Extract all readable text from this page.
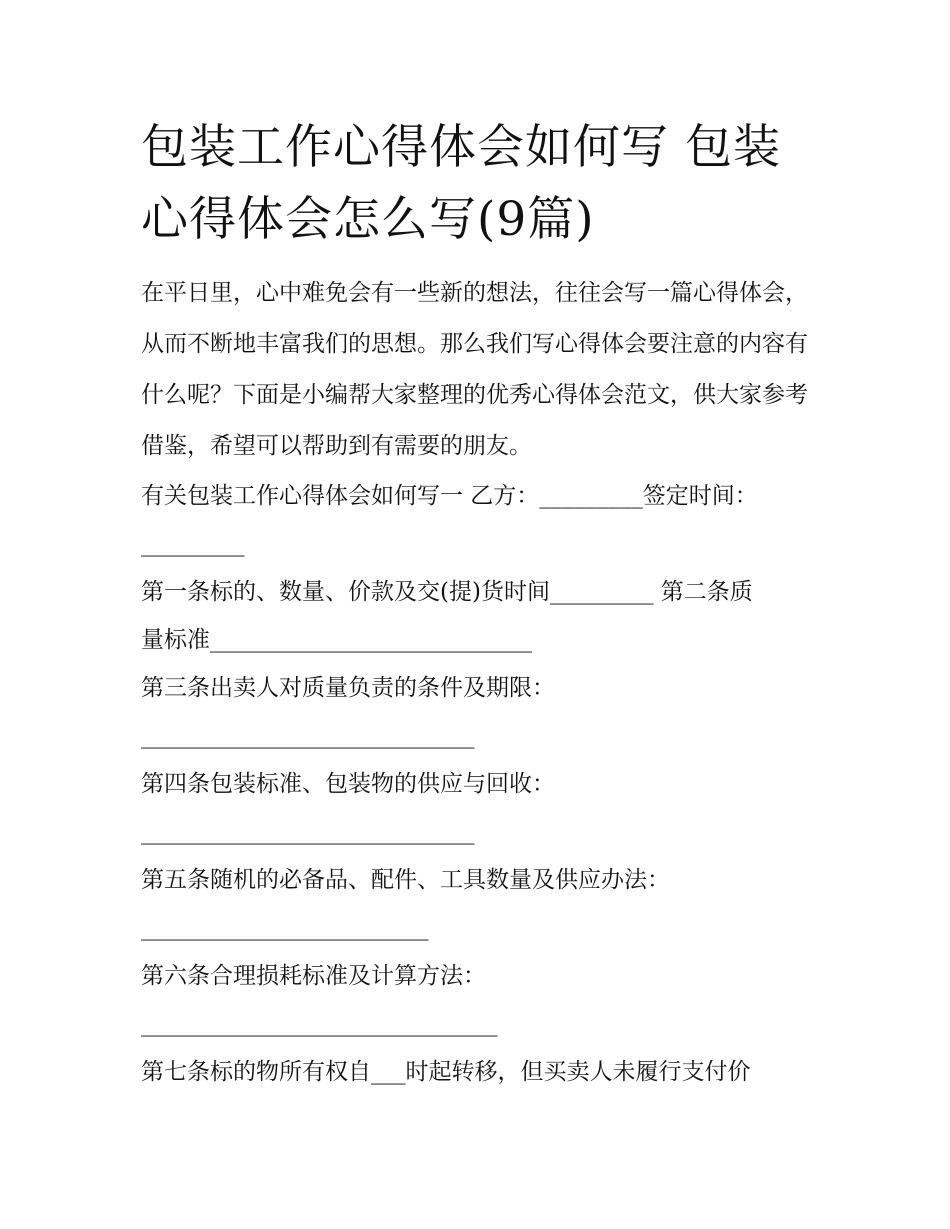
包装工作心得体会如何写 包装心得体会怎么写(9篇)

在平日里，心中难免会有一些新的想法，往往会写一篇心得体会，从而不断地丰富我们的思想。那么我们写心得体会要注意的内容有什么呢？下面是小编帮大家整理的优秀心得体会范文，供大家参考借鉴，希望可以帮助到有需要的朋友。

有关包装工作心得体会如何写一 乙方：_________签定时间：
_________
第一条标的、数量、价款及交(提)货时间_________ 第二条质
量标准____________________________
第三条出卖人对质量负责的条件及期限：
_____________________________
第四条包装标准、包装物的供应与回收：
_____________________________
第五条随机的必备品、配件、工具数量及供应办法：
_________________________
第六条合理损耗标准及计算方法：
_______________________________
第七条标的物所有权自___时起转移，但买卖人未履行支付价
